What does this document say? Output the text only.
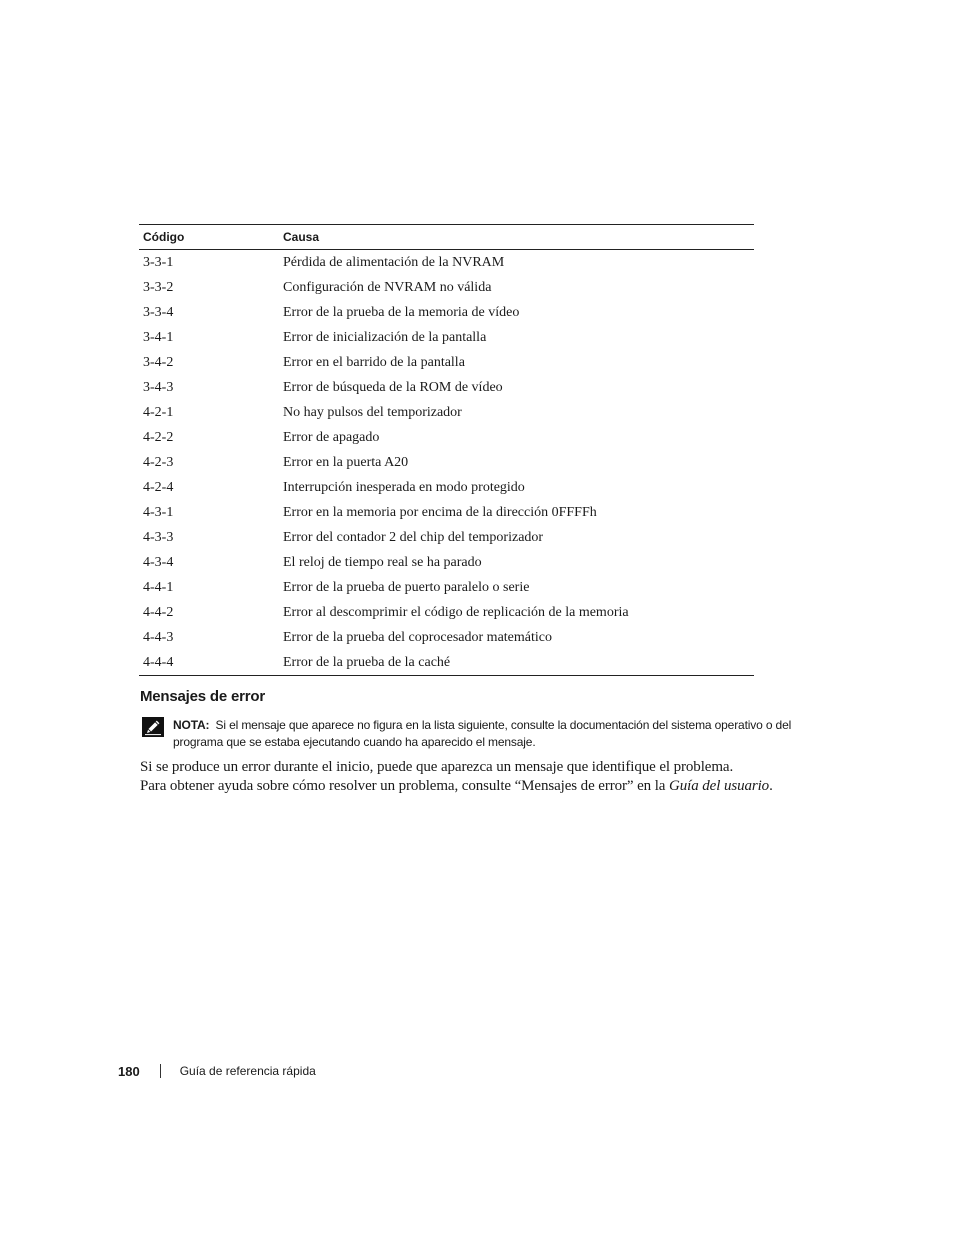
Código	Causa
3-3-1	Pérdida de alimentación de la NVRAM
3-3-2	Configuración de NVRAM no válida
3-3-4	Error de la prueba de la memoria de vídeo
3-4-1	Error de inicialización de la pantalla
3-4-2	Error en el barrido de la pantalla
3-4-3	Error de búsqueda de la ROM de vídeo
4-2-1	No hay pulsos del temporizador
4-2-2	Error de apagado
4-2-3	Error en la puerta A20
4-2-4	Interrupción inesperada en modo protegido
4-3-1	Error en la memoria por encima de la dirección 0FFFFh
4-3-3	Error del contador 2 del chip del temporizador
4-3-4	El reloj de tiempo real se ha parado
4-4-1	Error de la prueba de puerto paralelo o serie
4-4-2	Error al descomprimir el código de replicación de la memoria
4-4-3	Error de la prueba del coprocesador matemático
4-4-4	Error de la prueba de la caché
Mensajes de error
NOTA: Si el mensaje que aparece no figura en la lista siguiente, consulte la documentación del sistema operativo o del programa que se estaba ejecutando cuando ha aparecido el mensaje.

Si se produce un error durante el inicio, puede que aparezca un mensaje que identifique el problema.
Para obtener ayuda sobre cómo resolver un problema, consulte “Mensajes de error” en la Guía del usuario.

180	Guía de referencia rápida
